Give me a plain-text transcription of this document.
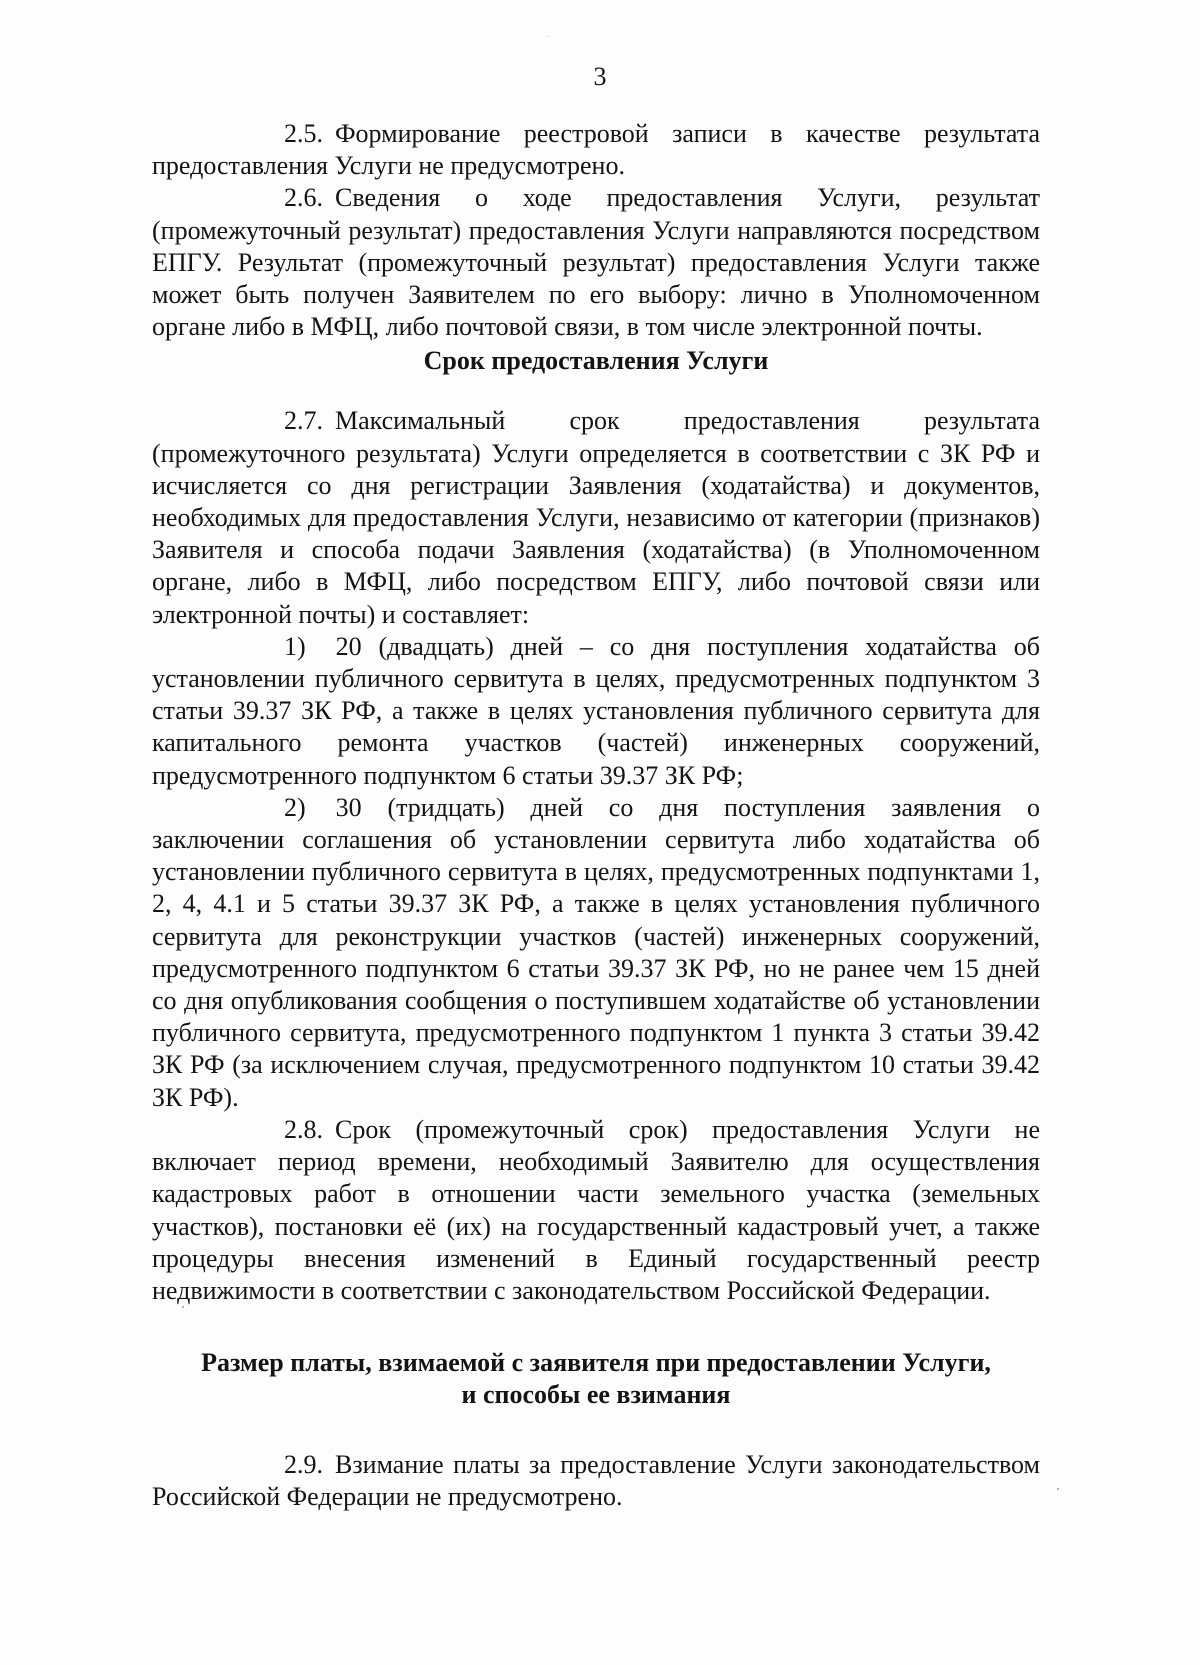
3

2.5. Формирование реестровой записи в качестве результата предоставления Услуги не предусмотрено.

2.6. Сведения о ходе предоставления Услуги, результат (промежуточный результат) предоставления Услуги направляются посредством ЕПГУ. Результат (промежуточный результат) предоставления Услуги также может быть получен Заявителем по его выбору: лично в Уполномоченном органе либо в МФЦ, либо почтовой связи, в том числе электронной почты.

Срок предоставления Услуги

2.7. Максимальный срок предоставления результата (промежуточного результата) Услуги определяется в соответствии с ЗК РФ и исчисляется со дня регистрации Заявления (ходатайства) и документов, необходимых для предоставления Услуги, независимо от категории (признаков) Заявителя и способа подачи Заявления (ходатайства) (в Уполномоченном органе, либо в МФЦ, либо посредством ЕПГУ, либо почтовой связи или электронной почты) и составляет:

1) 20 (двадцать) дней – со дня поступления ходатайства об установлении публичного сервитута в целях, предусмотренных подпунктом 3 статьи 39.37 ЗК РФ, а также в целях установления публичного сервитута для капитального ремонта участков (частей) инженерных сооружений, предусмотренного подпунктом 6 статьи 39.37 ЗК РФ;

2) 30 (тридцать) дней со дня поступления заявления о заключении соглашения об установлении сервитута либо ходатайства об установлении публичного сервитута в целях, предусмотренных подпунктами 1, 2, 4, 4.1 и 5 статьи 39.37 ЗК РФ, а также в целях установления публичного сервитута для реконструкции участков (частей) инженерных сооружений, предусмотренного подпунктом 6 статьи 39.37 ЗК РФ, но не ранее чем 15 дней со дня опубликования сообщения о поступившем ходатайстве об установлении публичного сервитута, предусмотренного подпунктом 1 пункта 3 статьи 39.42 ЗК РФ (за исключением случая, предусмотренного подпунктом 10 статьи 39.42 ЗК РФ).

2.8. Срок (промежуточный срок) предоставления Услуги не включает период времени, необходимый Заявителю для осуществления кадастровых работ в отношении части земельного участка (земельных участков), постановки её (их) на государственный кадастровый учет, а также процедуры внесения изменений в Единый государственный реестр недвижимости в соответствии с законодательством Российской Федерации.

Размер платы, взимаемой с заявителя при предоставлении Услуги,
и способы ее взимания

2.9. Взимание платы за предоставление Услуги законодательством Российской Федерации не предусмотрено.
